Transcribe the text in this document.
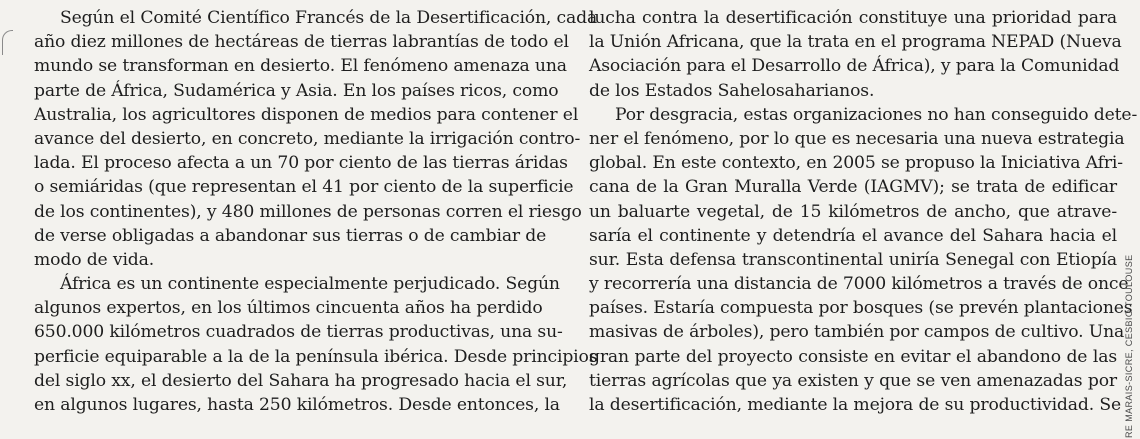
Según el Comité Científico Francés de la Desertificación, cada
año diez millones de hectáreas de tierras labrantías de todo el
mundo se transforman en desierto. El fenómeno amenaza una
parte de África, Sudamérica y Asia. En los países ricos, como
Australia, los agricultores disponen de medios para contener el
avance del desierto, en concreto, mediante la irrigación contro-
lada. El proceso afecta a un 70 por ciento de las tierras áridas
o semiáridas (que representan el 41 por ciento de la superficie
de los continentes), y 480 millones de personas corren el riesgo
de verse obligadas a abandonar sus tierras o de cambiar de
modo de vida.
África es un continente especialmente perjudicado. Según
algunos expertos, en los últimos cincuenta años ha perdido
650.000 kilómetros cuadrados de tierras productivas, una su-
perficie equiparable a la de la península ibérica. Desde principios
del siglo xx, el desierto del Sahara ha progresado hacia el sur,
en algunos lugares, hasta 250 kilómetros. Desde entonces, la
lucha contra la desertificación constituye una prioridad para
la Unión Africana, que la trata en el programa NEPAD (Nueva
Asociación para el Desarrollo de África), y para la Comunidad
de los Estados Sahelosaharianos.
Por desgracia, estas organizaciones no han conseguido dete-
ner el fenómeno, por lo que es necesaria una nueva estrategia
global. En este contexto, en 2005 se propuso la Iniciativa Afri-
cana de la Gran Muralla Verde (IAGMV); se trata de edificar
un baluarte vegetal, de 15 kilómetros de ancho, que atrave-
saría el continente y detendría el avance del Sahara hacia el
sur. Esta defensa transcontinental uniría Senegal con Etiopía
y recorrería una distancia de 7000 kilómetros a través de once
países. Estaría compuesta por bosques (se prevén plantaciones
masivas de árboles), pero también por campos de cultivo. Una
gran parte del proyecto consiste en evitar el abandono de las
tierras agrícolas que ya existen y que se ven amenazadas por
la desertificación, mediante la mejora de su productividad. Se RE MARAIS-SICRE, CESBIO TOULOUSE
